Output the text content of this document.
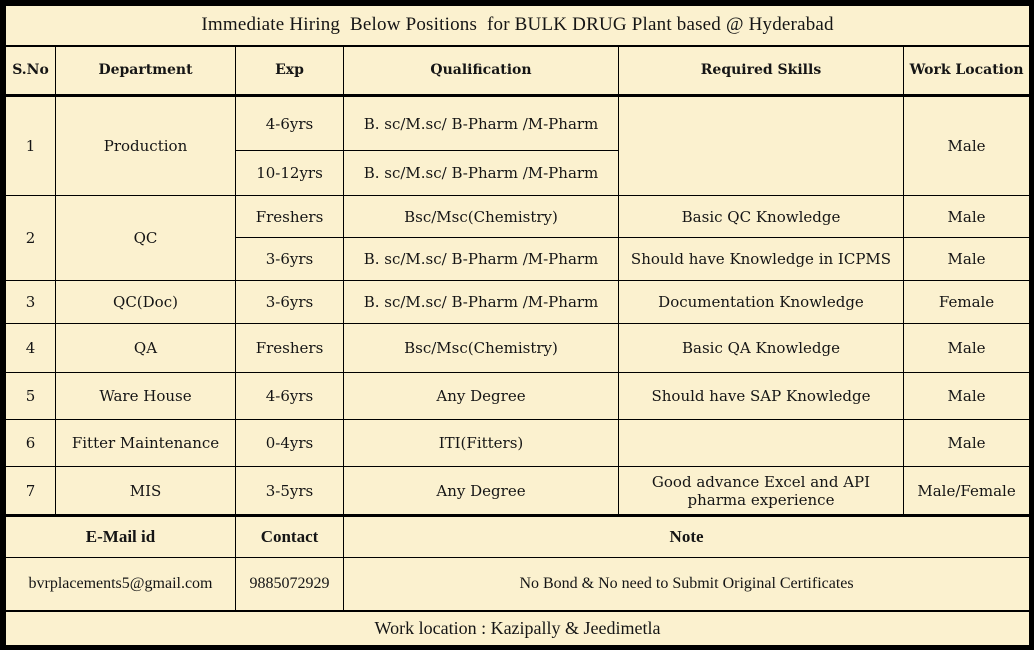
Immediate Hiring  Below Positions  for BULK DRUG Plant based @ Hyderabad					
S.No	Department	Exp	Qualification	Required Skills	Work Location
1	Production	4-6yrs	B. sc/M.sc/ B-Pharm /M-Pharm		Male
		10-12yrs	B. sc/M.sc/ B-Pharm /M-Pharm		
2	QC	Freshers	Bsc/Msc(Chemistry)	Basic QC Knowledge	Male
		3-6yrs	B. sc/M.sc/ B-Pharm /M-Pharm	Should have Knowledge in ICPMS	Male
3	QC(Doc)	3-6yrs	B. sc/M.sc/ B-Pharm /M-Pharm	Documentation Knowledge	Female
4	QA	Freshers	Bsc/Msc(Chemistry)	Basic QA Knowledge	Male
5	Ware House	4-6yrs	Any Degree	Should have SAP Knowledge	Male
6	Fitter Maintenance	0-4yrs	ITI(Fitters)		Male
7	MIS	3-5yrs	Any Degree	Good advance Excel and API pharma experience	Male/Female
E-Mail id		Contact	Note		
bvrplacements5@gmail.com		9885072929	No Bond & No need to Submit Original Certificates		
Work location : Kazipally & Jeedimetla					
